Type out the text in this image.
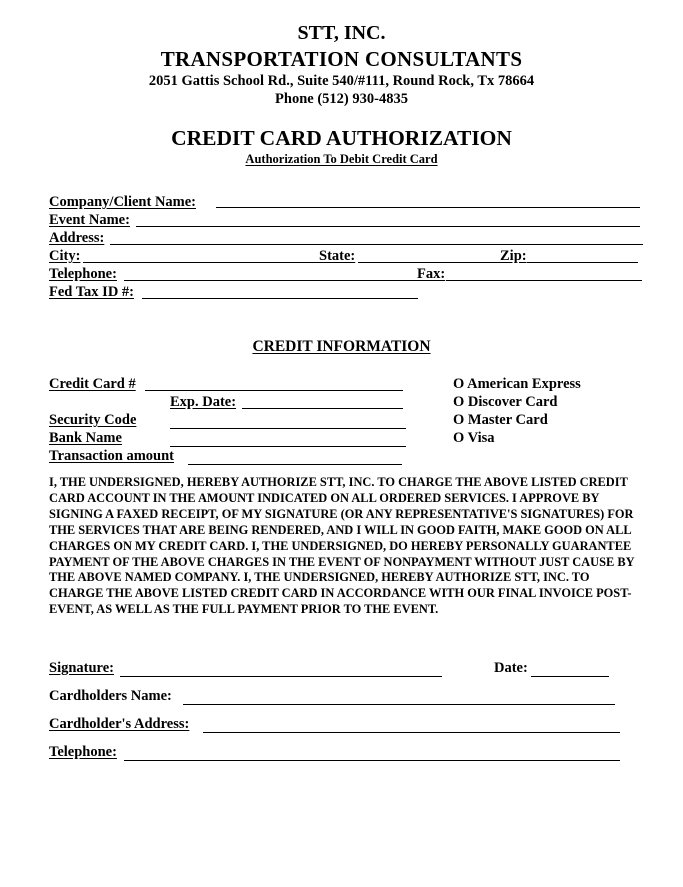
STT, INC.
TRANSPORTATION CONSULTANTS
2051 Gattis School Rd., Suite 540/#111, Round Rock, Tx 78664
Phone (512) 930-4835
CREDIT CARD AUTHORIZATION
Authorization To Debit Credit Card
Company/Client Name:
Event Name:
Address:
City:	State:	Zip:
Telephone:	Fax:
Fed Tax ID #:
CREDIT INFORMATION
Credit Card #
Exp. Date:
Security Code
Bank Name
Transaction amount
O American Express
O Discover Card
O Master Card
O Visa
I, THE UNDERSIGNED, HEREBY AUTHORIZE STT, INC. TO CHARGE THE ABOVE LISTED CREDIT CARD ACCOUNT IN THE AMOUNT INDICATED ON ALL ORDERED SERVICES. I APPROVE BY SIGNING A FAXED RECEIPT, OF MY SIGNATURE (OR ANY REPRESENTATIVE'S SIGNATURES) FOR THE SERVICES THAT ARE BEING RENDERED, AND I WILL IN GOOD FAITH, MAKE GOOD ON ALL CHARGES ON MY CREDIT CARD. I, THE UNDERSIGNED, DO HEREBY PERSONALLY GUARANTEE PAYMENT OF THE ABOVE CHARGES IN THE EVENT OF NONPAYMENT WITHOUT JUST CAUSE BY THE ABOVE NAMED COMPANY. I, THE UNDERSIGNED, HEREBY AUTHORIZE STT, INC. TO CHARGE THE ABOVE LISTED CREDIT CARD IN ACCORDANCE WITH OUR FINAL INVOICE POST-EVENT, AS WELL AS THE FULL PAYMENT PRIOR TO THE EVENT.
Signature:	Date:
Cardholders Name:
Cardholder's Address:
Telephone:
